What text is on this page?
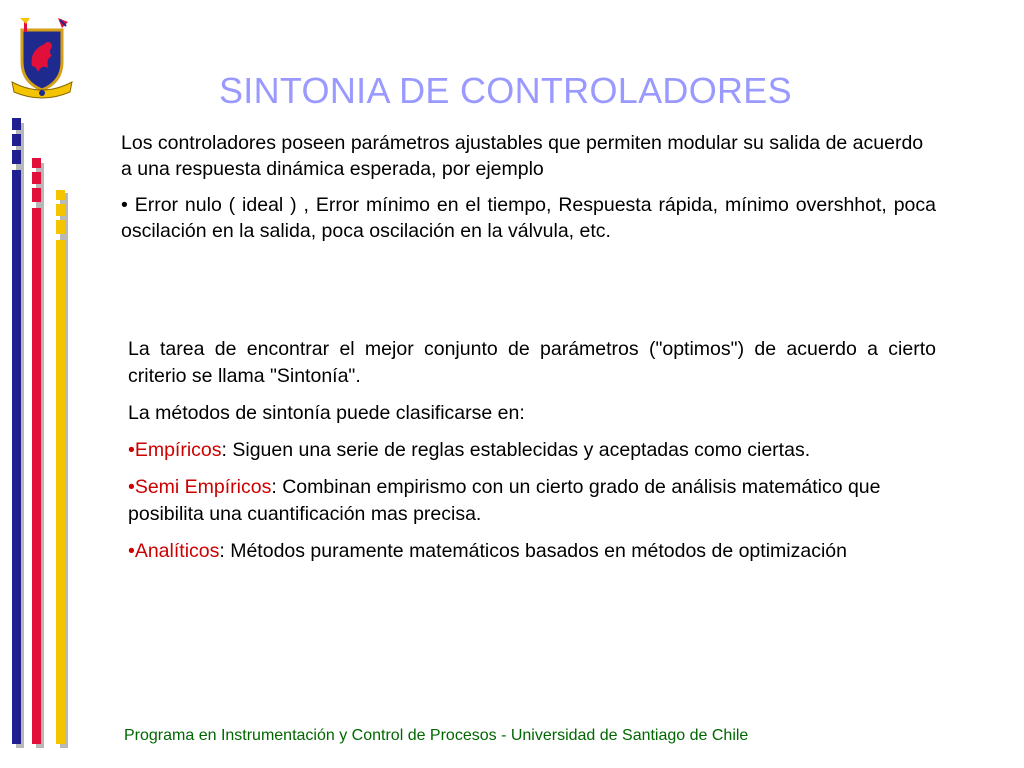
SINTONIA DE CONTROLADORES

Los controladores poseen parámetros ajustables que permiten modular su salida de acuerdo a una respuesta dinámica esperada, por ejemplo

• Error nulo ( ideal ) , Error mínimo en el tiempo, Respuesta rápida, mínimo overshhot, poca oscilación en la salida, poca oscilación en la válvula, etc.

La tarea de encontrar el mejor conjunto de parámetros ("optimos") de acuerdo a cierto criterio se llama "Sintonía".

La métodos de sintonía puede clasificarse en:

•Empíricos: Siguen una serie de reglas establecidas y aceptadas como ciertas.

•Semi Empíricos: Combinan empirismo con un cierto grado de análisis matemático que posibilita una cuantificación mas precisa.

•Analíticos: Métodos puramente matemáticos basados en métodos de optimización

Programa en Instrumentación y Control de Procesos - Universidad de Santiago de Chile
